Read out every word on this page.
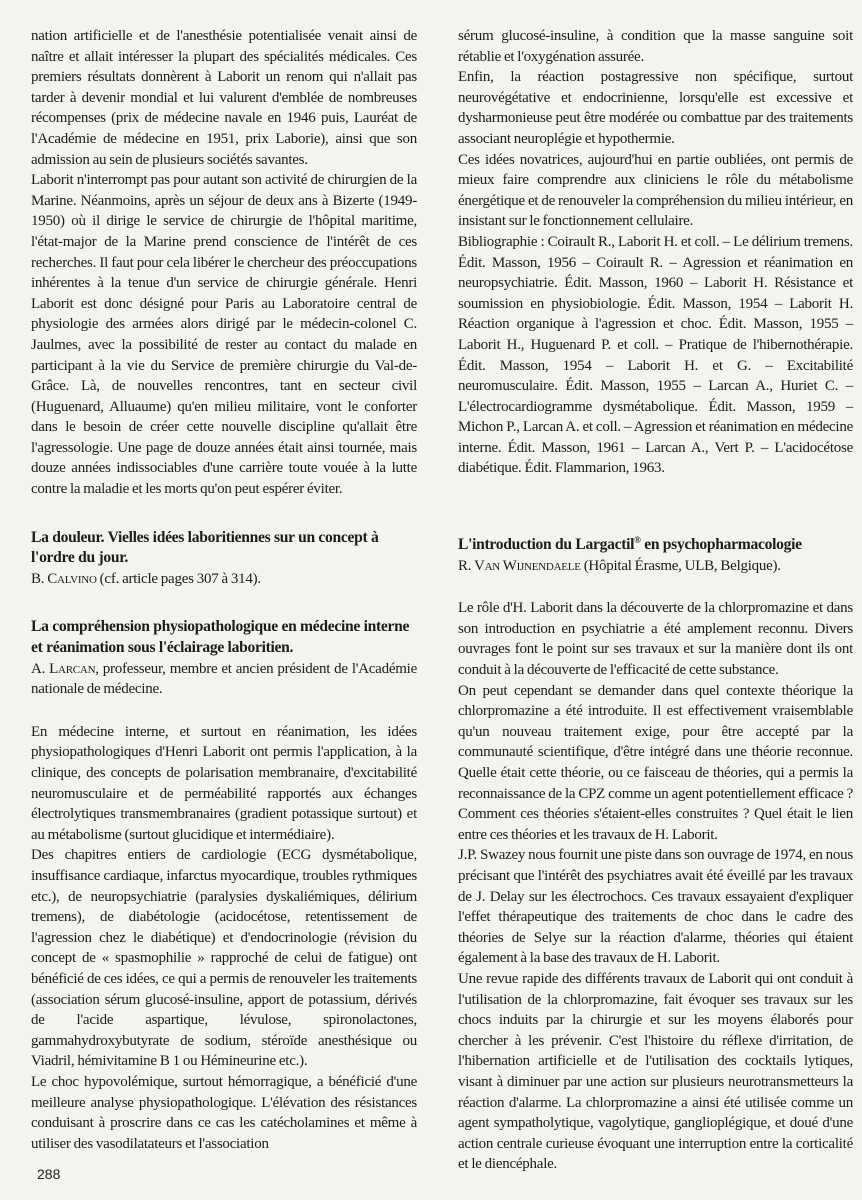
nation artificielle et de l'anesthésie potentialisée venait ainsi de naître et allait intéresser la plupart des spécialités médicales. Ces premiers résultats donnèrent à Laborit un renom qui n'allait pas tarder à devenir mondial et lui valurent d'emblée de nombreuses récompenses (prix de médecine navale en 1946 puis, Lauréat de l'Académie de médecine en 1951, prix Laborie), ainsi que son admission au sein de plusieurs sociétés savantes.

Laborit n'interrompt pas pour autant son activité de chirurgien de la Marine. Néanmoins, après un séjour de deux ans à Bizerte (1949-1950) où il dirige le service de chirurgie de l'hôpital maritime, l'état-major de la Marine prend conscience de l'intérêt de ces recherches. Il faut pour cela libérer le chercheur des préoccupations inhérentes à la tenue d'un service de chirurgie générale. Henri Laborit est donc désigné pour Paris au Laboratoire central de physiologie des armées alors dirigé par le médecin-colonel C. Jaulmes, avec la possibilité de rester au contact du malade en participant à la vie du Service de première chirurgie du Val-de-Grâce. Là, de nouvelles rencontres, tant en secteur civil (Huguenard, Alluaume) qu'en milieu militaire, vont le conforter dans le besoin de créer cette nouvelle discipline qu'allait être l'agressologie. Une page de douze années était ainsi tournée, mais douze années indissociables d'une carrière toute vouée à la lutte contre la maladie et les morts qu'on peut espérer éviter.

La douleur. Vielles idées laboritiennes sur un concept à l'ordre du jour.

B. Calvino (cf. article pages 307 à 314).

La compréhension physiopathologique en médecine interne et réanimation sous l'éclairage laboritien.

A. Larcan, professeur, membre et ancien président de l'Académie nationale de médecine.

En médecine interne, et surtout en réanimation, les idées physiopathologiques d'Henri Laborit ont permis l'application, à la clinique, des concepts de polarisation membranaire, d'excitabilité neuromusculaire et de perméabilité rapportés aux échanges électrolytiques transmembranaires (gradient potassique surtout) et au métabolisme (surtout glucidique et intermédiaire).

Des chapitres entiers de cardiologie (ECG dysmétabolique, insuffisance cardiaque, infarctus myocardique, troubles rythmiques etc.), de neuropsychiatrie (paralysies dyskaliémiques, délirium tremens), de diabétologie (acidocétose, retentissement de l'agression chez le diabétique) et d'endocrinologie (révision du concept de « spasmophilie » rapproché de celui de fatigue) ont bénéficié de ces idées, ce qui a permis de renouveler les traitements (association sérum glucosé-insuline, apport de potassium, dérivés de l'acide aspartique, lévulose, spironolactones, gammahydroxybutyrate de sodium, stéroïde anesthésique ou Viadril, hémivitamine B 1 ou Hémineurine etc.).

Le choc hypovolémique, surtout hémorragique, a bénéficié d'une meilleure analyse physiopathologique. L'élévation des résistances conduisant à proscrire dans ce cas les catécholamines et même à utiliser des vasodilatateurs et l'association

sérum glucosé-insuline, à condition que la masse sanguine soit rétablie et l'oxygénation assurée.

Enfin, la réaction postagressive non spécifique, surtout neurovégétative et endocrinienne, lorsqu'elle est excessive et dysharmonieuse peut être modérée ou combattue par des traitements associant neuroplégie et hypothermie.

Ces idées novatrices, aujourd'hui en partie oubliées, ont permis de mieux faire comprendre aux cliniciens le rôle du métabolisme énergétique et de renouveler la compréhension du milieu intérieur, en insistant sur le fonctionnement cellulaire.

Bibliographie : Coirault R., Laborit H. et coll. – Le délirium tremens. Édit. Masson, 1956 – Coirault R. – Agression et réanimation en neuropsychiatrie. Édit. Masson, 1960 – Laborit H. Résistance et soumission en physiobiologie. Édit. Masson, 1954 – Laborit H. Réaction organique à l'agression et choc. Édit. Masson, 1955 – Laborit H., Huguenard P. et coll. – Pratique de l'hibernothérapie. Édit. Masson, 1954 – Laborit H. et G. – Excitabilité neuromusculaire. Édit. Masson, 1955 – Larcan A., Huriet C. – L'électrocardiogramme dysmétabolique. Édit. Masson, 1959 – Michon P., Larcan A. et coll. – Agression et réanimation en médecine interne. Édit. Masson, 1961 – Larcan A., Vert P. – L'acidocétose diabétique. Édit. Flammarion, 1963.

L'introduction du Largactil® en psychopharmacologie

R. Van Wijnendaele (Hôpital Érasme, ULB, Belgique).

Le rôle d'H. Laborit dans la découverte de la chlorpromazine et dans son introduction en psychiatrie a été amplement reconnu. Divers ouvrages font le point sur ses travaux et sur la manière dont ils ont conduit à la découverte de l'efficacité de cette substance.

On peut cependant se demander dans quel contexte théorique la chlorpromazine a été introduite. Il est effectivement vraisemblable qu'un nouveau traitement exige, pour être accepté par la communauté scientifique, d'être intégré dans une théorie reconnue. Quelle était cette théorie, ou ce faisceau de théories, qui a permis la reconnaissance de la CPZ comme un agent potentiellement efficace ? Comment ces théories s'étaient-elles construites ? Quel était le lien entre ces théories et les travaux de H. Laborit.

J.P. Swazey nous fournit une piste dans son ouvrage de 1974, en nous précisant que l'intérêt des psychiatres avait été éveillé par les travaux de J. Delay sur les électrochocs. Ces travaux essayaient d'expliquer l'effet thérapeutique des traitements de choc dans le cadre des théories de Selye sur la réaction d'alarme, théories qui étaient également à la base des travaux de H. Laborit.

Une revue rapide des différents travaux de Laborit qui ont conduit à l'utilisation de la chlorpromazine, fait évoquer ses travaux sur les chocs induits par la chirurgie et sur les moyens élaborés pour chercher à les prévenir. C'est l'histoire du réflexe d'irritation, de l'hibernation artificielle et de l'utilisation des cocktails lytiques, visant à diminuer par une action sur plusieurs neurotransmetteurs la réaction d'alarme. La chlorpromazine a ainsi été utilisée comme un agent sympatholytique, vagolytique, ganglioplégique, et doué d'une action centrale curieuse évoquant une interruption entre la corticalité et le diencéphale.

288
